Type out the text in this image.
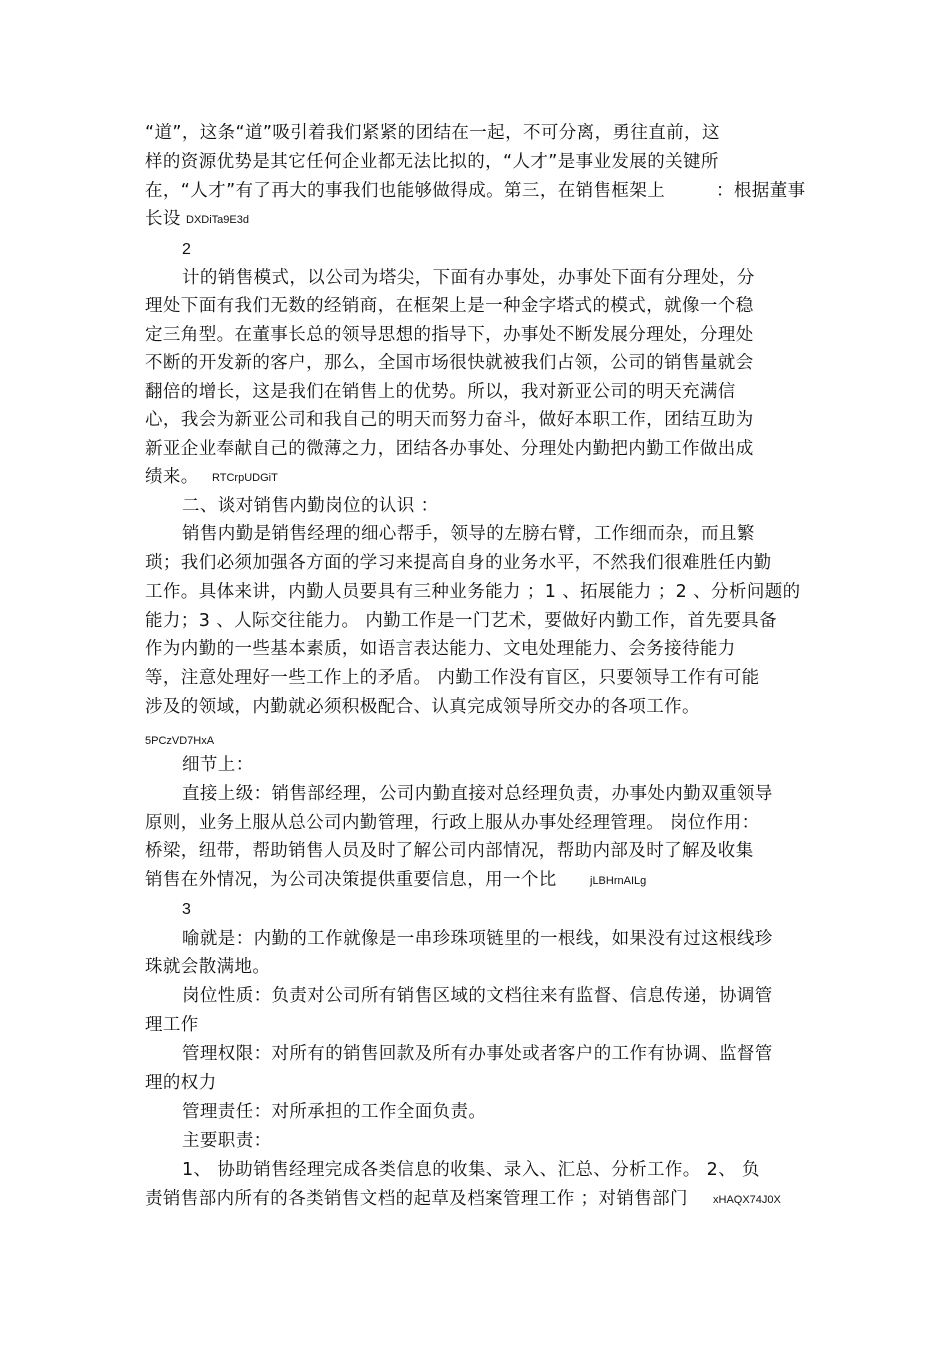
“道”，这条“道”吸引着我们紧紧的团结在一起，不可分离，勇往直前，这
样的资源优势是其它任何企业都无法比拟的，“人才”是事业发展的关键所
在，“人才”有了再大的事我们也能够做得成。第三，在销售框架上	：根据董事
长设 DXDiTa9E3d
2
计的销售模式，以公司为塔尖，下面有办事处，办事处下面有分理处，分
理处下面有我们无数的经销商，在框架上是一种金字塔式的模式，就像一个稳
定三角型。在董事长总的领导思想的指导下，办事处不断发展分理处，分理处
不断的开发新的客户，那么，全国市场很快就被我们占领，公司的销售量就会
翻倍的增长，这是我们在销售上的优势。所以，我对新亚公司的明天充满信
心，我会为新亚公司和我自己的明天而努力奋斗，做好本职工作，团结互助为
新亚企业奉献自己的微薄之力，团结各办事处、分理处内勤把内勤工作做出成
绩来。 RTCrpUDGiT
二、谈对销售内勤岗位的认识 ：
销售内勤是销售经理的细心帮手，领导的左膀右臂，工作细而杂，而且繁
琐；我们必须加强各方面的学习来提高自身的业务水平，不然我们很难胜任内勤
工作。具体来讲，内勤人员要具有三种业务能力 ；1 、拓展能力 ；2 、分析问题的
能力；3 、人际交往能力。 内勤工作是一门艺术，要做好内勤工作，首先要具备
作为内勤的一些基本素质，如语言表达能力、文电处理能力、会务接待能力
等，注意处理好一些工作上的矛盾。 内勤工作没有盲区，只要领导工作有可能
涉及的领域，内勤就必须积极配合、认真完成领导所交办的各项工作。
5PCzVD7HxA
细节上：
直接上级：销售部经理，公司内勤直接对总经理负责，办事处内勤双重领导
原则，业务上服从总公司内勤管理，行政上服从办事处经理管理。 岗位作用：
桥梁，纽带，帮助销售人员及时了解公司内部情况，帮助内部及时了解及收集
销售在外情况，为公司决策提供重要信息，用一个比	jLBHrnAILg
3
喻就是：内勤的工作就像是一串珍珠项链里的一根线，如果没有过这根线珍
珠就会散满地。
岗位性质：负责对公司所有销售区域的文档往来有监督、信息传递，协调管
理工作
管理权限：对所有的销售回款及所有办事处或者客户的工作有协调、监督管
理的权力
管理责任：对所承担的工作全面负责。
主要职责：
1、 协助销售经理完成各类信息的收集、录入、汇总、分析工作。 2、 负
责销售部内所有的各类销售文档的起草及档案管理工作 ；对销售部门 xHAQX74J0X
